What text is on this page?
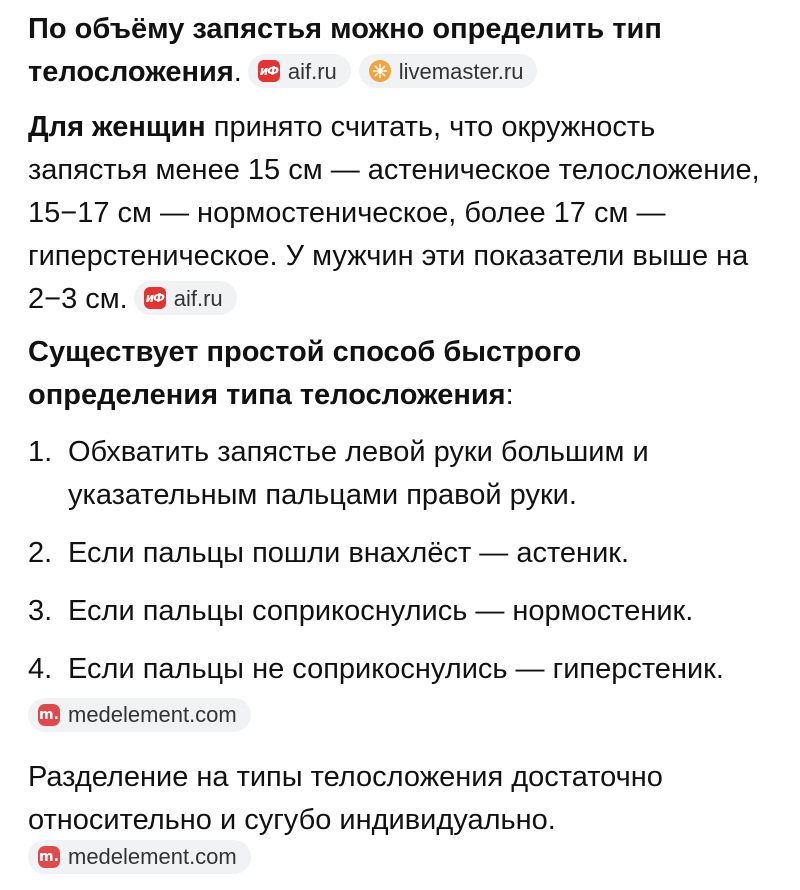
По объёму запястья можно определить тип телосложения. иФ aif.ru	livemaster.ru

Для женщин принято считать, что окружность запястья менее 15 см — астеническое телосложение, 15−17 см — нормостеническое, более 17 см — гиперстеническое. У мужчин эти показатели выше на 2−3 см. иФ aif.ru

Существует простой способ быстрого определения типа телосложения:

1. Обхватить запястье левой руки большим и указательным пальцами правой руки.
2. Если пальцы пошли внахлёст — астеник.
3. Если пальцы соприкоснулись — нормостеник.
4. Если пальцы не соприкоснулись — гиперстеник.
m. medelement.com

Разделение на типы телосложения достаточно относительно и сугубо индивидуально.

m. medelement.com
